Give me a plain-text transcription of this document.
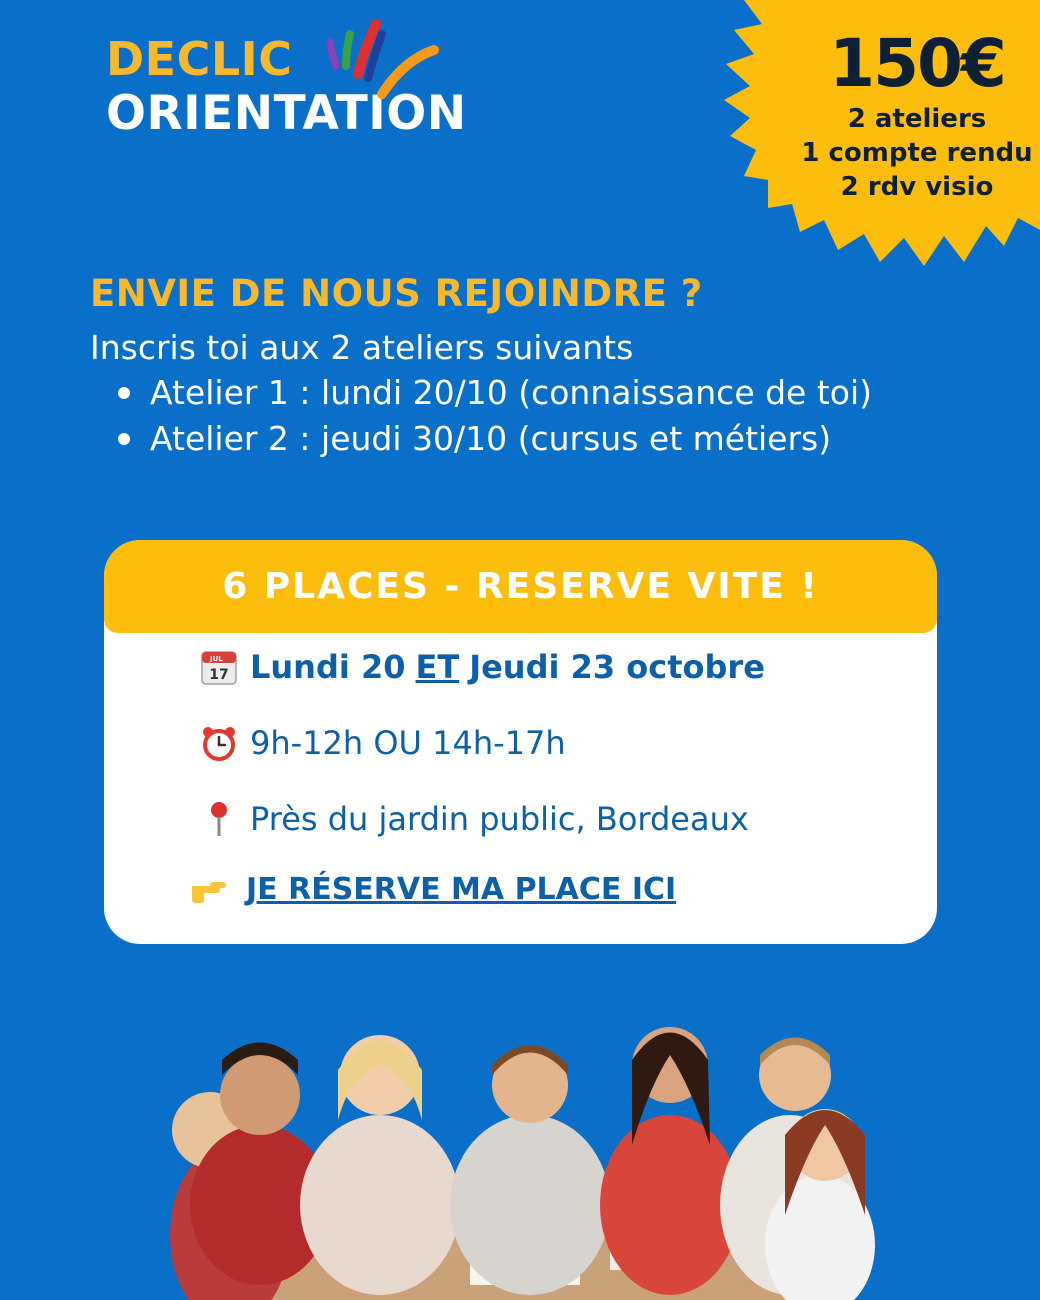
DECLIC
ORIENTATION
150€
2 ateliers
1 compte rendu
2 rdv visio
ENVIE DE NOUS REJOINDRE ?
Inscris toi aux 2 ateliers suivants
Atelier 1 : lundi 20/10 (connaissance de toi)
Atelier 2 : jeudi 30/10 (cursus et métiers)
6 PLACES - RESERVE VITE !
JUL
17 Lundi 20 ET Jeudi 23 octobre
9h-12h OU 14h-17h
Près du jardin public, Bordeaux
JE RÉSERVE MA PLACE ICI
